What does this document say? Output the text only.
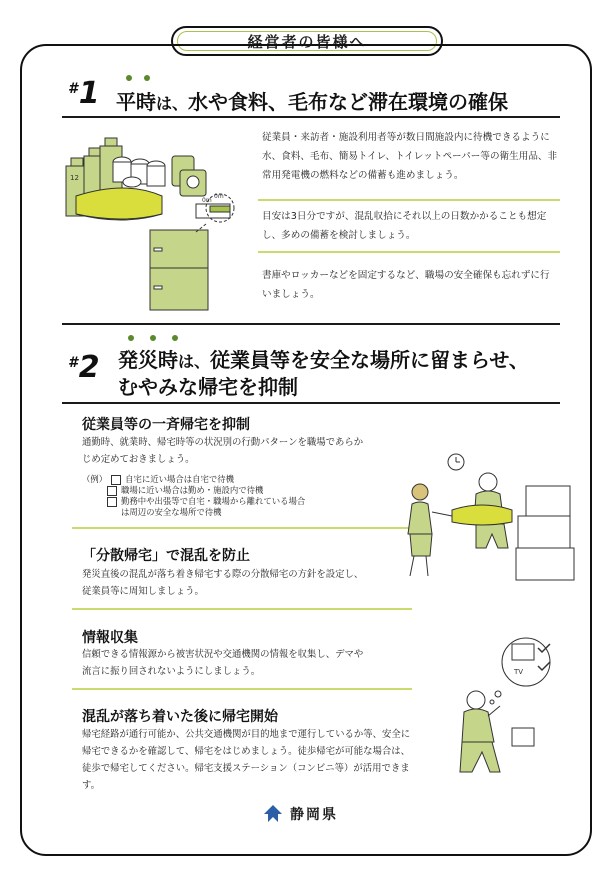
経営者の皆様へ
#1 平時は、水や食料、毛布など滞在環境の確保
12
0m
0m
従業員・来訪者・施設利用者等が数日間施設内に待機できるように水、食料、毛布、簡易トイレ、トイレットペーパー等の衛生用品、非常用発電機の燃料などの備蓄も進めましょう。
目安は3日分ですが、混乱収拾にそれ以上の日数かかることも想定し、多めの備蓄を検討しましょう。
書庫やロッカーなどを固定するなど、職場の安全確保も忘れずに行いましょう。
#2 発災時は、従業員等を安全な場所に留まらせ、
むやみな帰宅を抑制
従業員等の一斉帰宅を抑制
通勤時、就業時、帰宅時等の状況別の行動パターンを職場であらかじめ定めておきましょう。
（例） 自宅に近い場合は自宅で待機
職場に近い場合は勤め・施設内で待機
勤務中や出張等で自宅・職場から離れている場合は周辺の安全な場所で待機
「分散帰宅」で混乱を防止
発災直後の混乱が落ち着き帰宅する際の分散帰宅の方針を設定し、従業員等に周知しましょう。
情報収集
信頼できる情報源から被害状況や交通機関の情報を収集し、デマや流言に振り回されないようにしましょう。
混乱が落ち着いた後に帰宅開始
帰宅経路が通行可能か、公共交通機関が目的地まで運行しているか等、安全に帰宅できるかを確認して、帰宅をはじめましょう。徒歩帰宅が可能な場合は、徒歩で帰宅してください。帰宅支援ステーション（コンビニ等）が活用できます。
TV
静岡県
